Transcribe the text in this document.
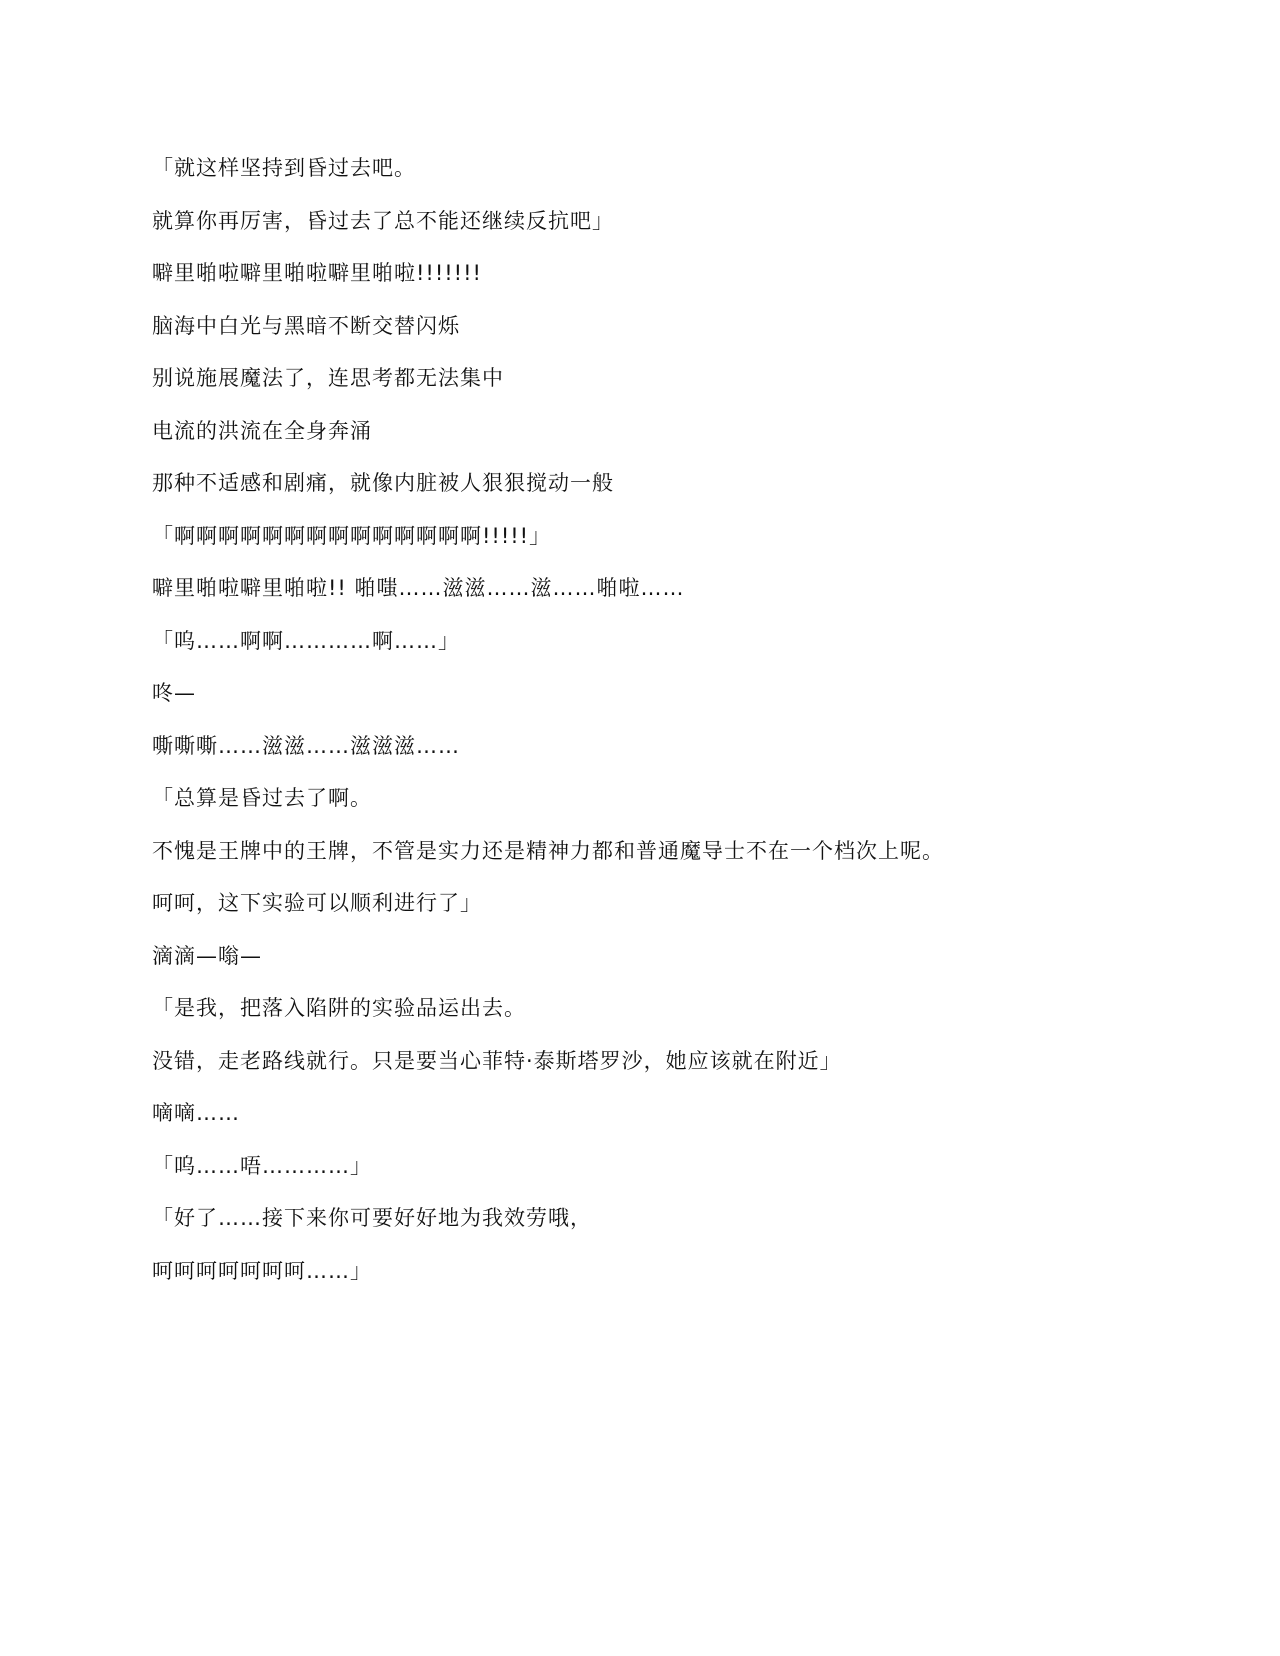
「就这样坚持到昏过去吧。
就算你再厉害，昏过去了总不能还继续反抗吧」
噼里啪啦噼里啪啦噼里啪啦!!!!!!!
脑海中白光与黑暗不断交替闪烁
别说施展魔法了，连思考都无法集中
电流的洪流在全身奔涌
那种不适感和剧痛，就像内脏被人狠狠搅动一般
「啊啊啊啊啊啊啊啊啊啊啊啊啊啊!!!!!」
噼里啪啦噼里啪啦!! 啪嗤……滋滋……滋……啪啦……
「呜……啊啊…………啊……」
咚—
嘶嘶嘶……滋滋……滋滋滋……
「总算是昏过去了啊。
不愧是王牌中的王牌，不管是实力还是精神力都和普通魔导士不在一个档次上呢。
呵呵，这下实验可以顺利进行了」
滴滴—嗡—
「是我，把落入陷阱的实验品运出去。
没错，走老路线就行。只是要当心菲特·泰斯塔罗沙，她应该就在附近」
嘀嘀……
「呜……唔…………」
「好了……接下来你可要好好地为我效劳哦，
呵呵呵呵呵呵呵……」
